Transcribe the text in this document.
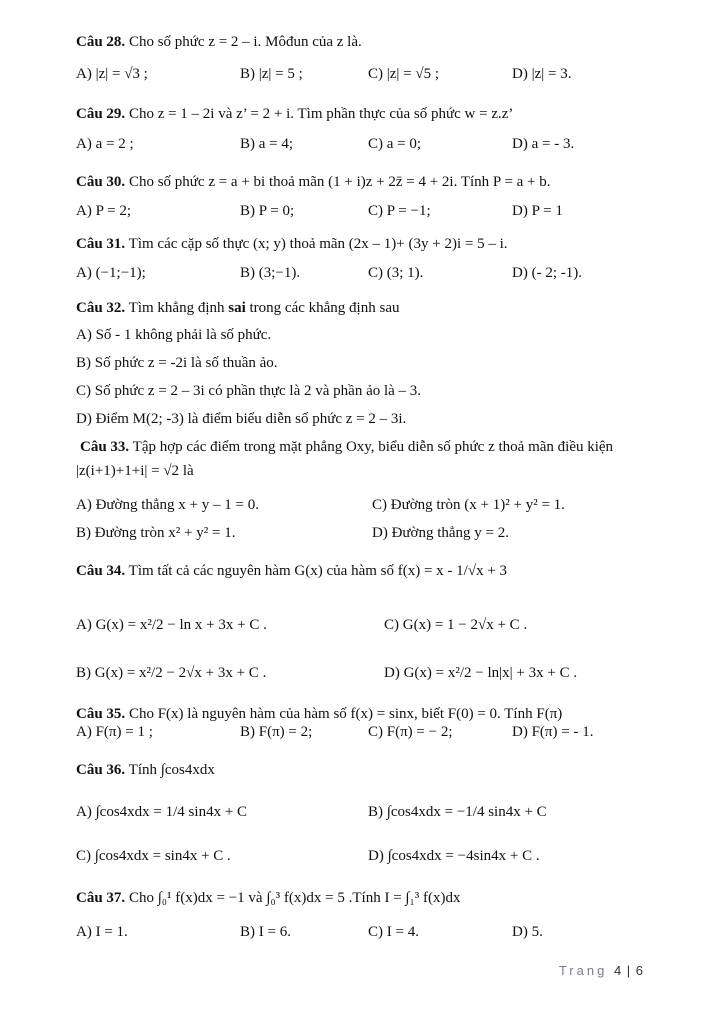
Câu 28. Cho số phức z = 2 – i. Môđun của z là.
A) |z| = √3 ;	B) |z| = 5 ;	C) |z| = √5 ;	D) |z| = 3.
Câu 29. Cho z = 1 – 2i và z’ = 2 + i. Tìm phần thực của số phức w = z.z’
A) a = 2 ;	B) a = 4;	C) a = 0;	D) a = - 3.
Câu 30. Cho số phức z = a + bi thoả mãn (1 + i)z + 2z̄ = 4 + 2i. Tính P = a + b.
A) P = 2;	B) P = 0;	C) P = −1;	D) P = 1
Câu 31. Tìm các cặp số thực (x; y) thoả mãn (2x – 1)+ (3y + 2)i = 5 – i.
A) (−1;−1);	B) (3;−1).	C) (3; 1).	D) (- 2; -1).
Câu 32. Tìm khẳng định sai trong các khẳng định sau
A) Số - 1 không phải là số phức.
B) Số phức z = -2i là số thuần ảo.
C) Số phức z = 2 – 3i có phần thực là 2 và phần ảo là – 3.
D) Điểm M(2; -3) là điểm biểu diễn số phức z = 2 – 3i.
Câu 33. Tập hợp các điểm trong mặt phẳng Oxy, biểu diễn số phức z thoả mãn điều kiện
|z(i+1)+1+i| = √2 là
A) Đường thẳng x + y – 1 = 0.	C) Đường tròn (x + 1)² + y² = 1.
B) Đường tròn x² + y² = 1.	D) Đường thẳng y = 2.
Câu 34. Tìm tất cả các nguyên hàm G(x) của hàm số f(x) = x - 1/√x + 3
A) G(x) = x²/2 − ln x + 3x + C .	C) G(x) = 1 − 2√x + C .
B) G(x) = x²/2 − 2√x + 3x + C .	D) G(x) = x²/2 − ln|x| + 3x + C .
Câu 35. Cho F(x) là nguyên hàm của hàm số f(x) = sinx, biết F(0) = 0. Tính F(π)
A) F(π) = 1 ;	B) F(π) = 2;	C) F(π) = − 2;	D) F(π) = - 1.
Câu 36. Tính ∫cos4xdx
A) ∫cos4xdx = 1/4 sin4x + C	B) ∫cos4xdx = −1/4 sin4x + C
C) ∫cos4xdx = sin4x + C .	D) ∫cos4xdx = −4sin4x + C .
Câu 37. Cho ∫₀¹ f(x)dx = −1 và ∫₀³ f(x)dx = 5 .Tính I = ∫₁³ f(x)dx
A) I = 1.	B) I = 6.	C) I = 4.	D) 5.
Trang 4 | 6
